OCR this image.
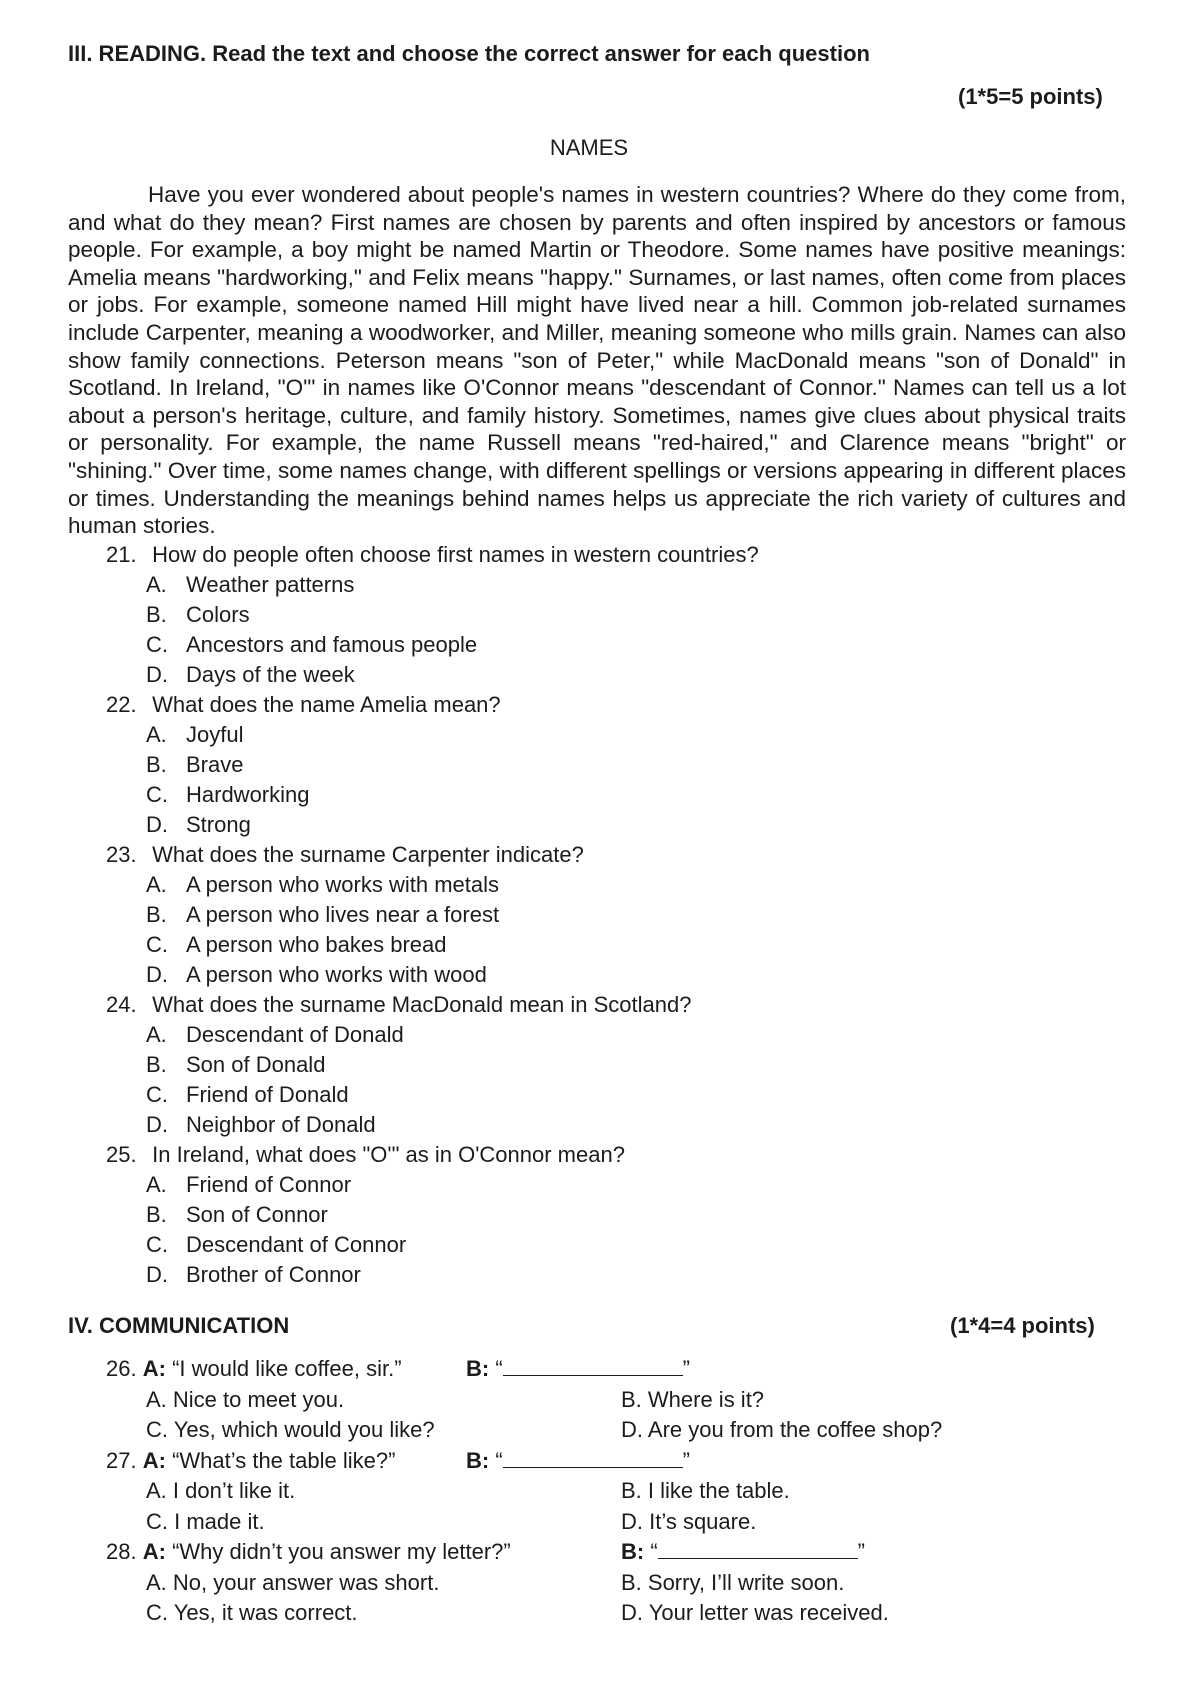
III. READING. Read the text and choose the correct answer for each question
(1*5=5 points)
NAMES

Have you ever wondered about people's names in western countries? Where do they come from, and what do they mean? First names are chosen by parents and often inspired by ancestors or famous people. For example, a boy might be named Martin or Theodore. Some names have positive meanings: Amelia means "hardworking," and Felix means "happy." Surnames, or last names, often come from places or jobs. For example, someone named Hill might have lived near a hill. Common job-related surnames include Carpenter, meaning a woodworker, and Miller, meaning someone who mills grain. Names can also show family connections. Peterson means "son of Peter," while MacDonald means "son of Donald" in Scotland. In Ireland, "O'" in names like O'Connor means "descendant of Connor." Names can tell us a lot about a person's heritage, culture, and family history. Sometimes, names give clues about physical traits or personality. For example, the name Russell means "red-haired," and Clarence means "bright" or "shining." Over time, some names change, with different spellings or versions appearing in different places or times. Understanding the meanings behind names helps us appreciate the rich variety of cultures and human stories.

21. How do people often choose first names in western countries?
A. Weather patterns
B. Colors
C. Ancestors and famous people
D. Days of the week
22. What does the name Amelia mean?
A. Joyful
B. Brave
C. Hardworking
D. Strong
23. What does the surname Carpenter indicate?
A. A person who works with metals
B. A person who lives near a forest
C. A person who bakes bread
D. A person who works with wood
24. What does the surname MacDonald mean in Scotland?
A. Descendant of Donald
B. Son of Donald
C. Friend of Donald
D. Neighbor of Donald
25. In Ireland, what does "O'" as in O'Connor mean?
A. Friend of Connor
B. Son of Connor
C. Descendant of Connor
D. Brother of Connor
IV. COMMUNICATION	(1*4=4 points)
26. A: “I would like coffee, sir.”	B: “	”
A. Nice to meet you.	B. Where is it?
C. Yes, which would you like?	D. Are you from the coffee shop?
27. A: “What’s the table like?”	B: “	”
A. I don’t like it.	B. I like the table.
C. I made it.	D. It’s square.
28. A: “Why didn’t you answer my letter?”	B: “	”
A. No, your answer was short.	B. Sorry, I’ll write soon.
C. Yes, it was correct.	D. Your letter was received.
